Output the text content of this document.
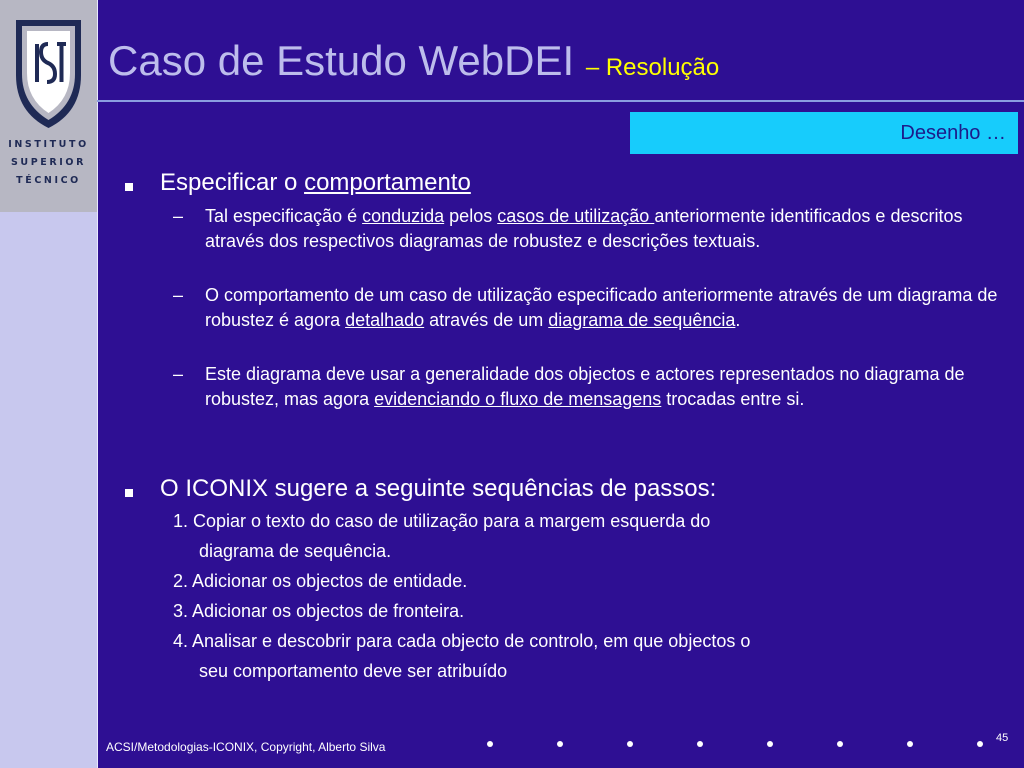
INSTITUTO
SUPERIOR
TÉCNICO
Caso de Estudo WebDEI – Resolução
Desenho …
Especificar o comportamento
– Tal especificação é conduzida pelos casos de utilização anteriormente identificados e descritos através dos respectivos diagramas de robustez e descrições textuais.
– O comportamento de um caso de utilização especificado anteriormente através de um diagrama de robustez é agora detalhado através de um diagrama de sequência.
– Este diagrama deve usar a generalidade dos objectos e actores representados no diagrama de robustez, mas agora evidenciando o fluxo de mensagens trocadas entre si.
O ICONIX sugere a seguinte sequências de passos:
1. Copiar o texto do caso de utilização para a margem esquerda do
diagrama de sequência.
2. Adicionar os objectos de entidade.
3. Adicionar os objectos de fronteira.
4. Analisar e descobrir para cada objecto de controlo, em que objectos o
seu comportamento deve ser atribuído
ACSI/Metodologias-ICONIX, Copyright, Alberto Silva
45
